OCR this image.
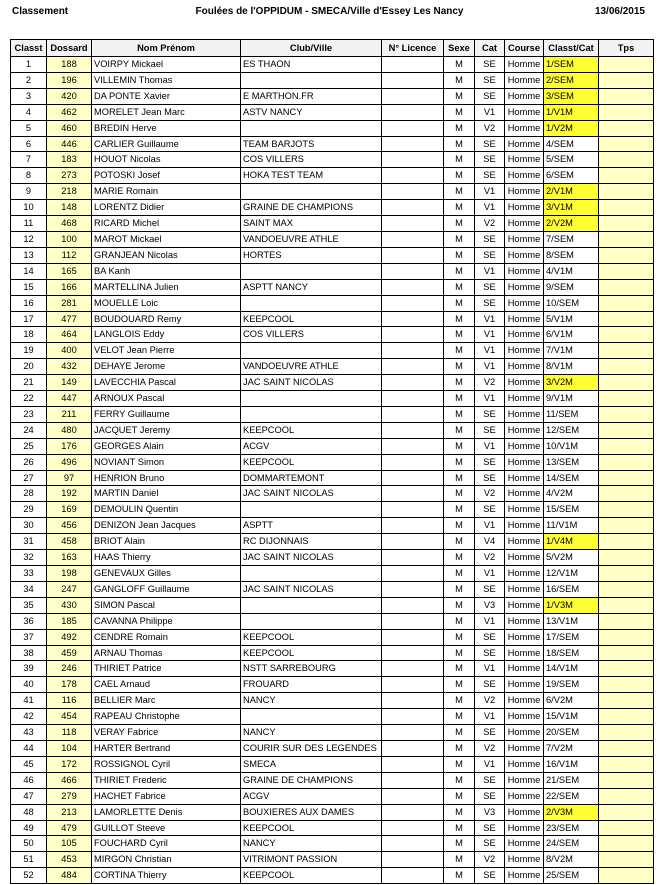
Classement	Foulées de l'OPPIDUM - SMECA/Ville d'Essey Les Nancy	13/06/2015
Classt	Dossard	Nom Prénom	Club/Ville	N° Licence	Sexe	Cat	Course	Classt/Cat	Tps
1	188	VOIRPY Mickael	ES THAON		M	SE	Homme	1/SEM	
2	196	VILLEMIN Thomas			M	SE	Homme	2/SEM	
3	420	DA PONTE Xavier	E MARTHON.FR		M	SE	Homme	3/SEM	
4	462	MORELET Jean Marc	ASTV NANCY		M	V1	Homme	1/V1M	
5	460	BREDIN Herve			M	V2	Homme	1/V2M	
6	446	CARLIER Guillaume	TEAM BARJOTS		M	SE	Homme	4/SEM	
7	183	HOUOT Nicolas	COS VILLERS		M	SE	Homme	5/SEM	
8	273	POTOSKI Josef	HOKA TEST TEAM		M	SE	Homme	6/SEM	
9	218	MARIE Romain			M	V1	Homme	2/V1M	
10	148	LORENTZ Didier	GRAINE DE CHAMPIONS		M	V1	Homme	3/V1M	
11	468	RICARD Michel	SAINT MAX		M	V2	Homme	2/V2M	
12	100	MAROT Mickael	VANDOEUVRE ATHLE		M	SE	Homme	7/SEM	
13	112	GRANJEAN Nicolas	HORTES		M	SE	Homme	8/SEM	
14	165	BA Kanh			M	V1	Homme	4/V1M	
15	166	MARTELLINA Julien	ASPTT NANCY		M	SE	Homme	9/SEM	
16	281	MOUELLE Loic			M	SE	Homme	10/SEM	
17	477	BOUDOUARD Remy	KEEPCOOL		M	V1	Homme	5/V1M	
18	464	LANGLOIS Eddy	COS VILLERS		M	V1	Homme	6/V1M	
19	400	VELOT Jean Pierre			M	V1	Homme	7/V1M	
20	432	DEHAYE Jerome	VANDOEUVRE ATHLE		M	V1	Homme	8/V1M	
21	149	LAVECCHIA Pascal	JAC SAINT NICOLAS		M	V2	Homme	3/V2M	
22	447	ARNOUX Pascal			M	V1	Homme	9/V1M	
23	211	FERRY Guillaume			M	SE	Homme	11/SEM	
24	480	JACQUET Jeremy	KEEPCOOL		M	SE	Homme	12/SEM	
25	176	GEORGES Alain	ACGV		M	V1	Homme	10/V1M	
26	496	NOVIANT Simon	KEEPCOOL		M	SE	Homme	13/SEM	
27	97	HENRION Bruno	DOMMARTEMONT		M	SE	Homme	14/SEM	
28	192	MARTIN Daniel	JAC SAINT NICOLAS		M	V2	Homme	4/V2M	
29	169	DEMOULIN Quentin			M	SE	Homme	15/SEM	
30	456	DENIZON Jean Jacques	ASPTT		M	V1	Homme	11/V1M	
31	458	BRIOT Alain	RC DIJONNAIS		M	V4	Homme	1/V4M	
32	163	HAAS Thierry	JAC SAINT NICOLAS		M	V2	Homme	5/V2M	
33	198	GENEVAUX Gilles			M	V1	Homme	12/V1M	
34	247	GANGLOFF Guillaume	JAC SAINT NICOLAS		M	SE	Homme	16/SEM	
35	430	SIMON Pascal			M	V3	Homme	1/V3M	
36	185	CAVANNA Philippe			M	V1	Homme	13/V1M	
37	492	CENDRE Romain	KEEPCOOL		M	SE	Homme	17/SEM	
38	459	ARNAU Thomas	KEEPCOOL		M	SE	Homme	18/SEM	
39	246	THIRIET Patrice	NSTT SARREBOURG		M	V1	Homme	14/V1M	
40	178	CAEL Arnaud	FROUARD		M	SE	Homme	19/SEM	
41	116	BELLIER Marc	NANCY		M	V2	Homme	6/V2M	
42	454	RAPEAU Christophe			M	V1	Homme	15/V1M	
43	118	VERAY Fabrice	NANCY		M	SE	Homme	20/SEM	
44	104	HARTER Bertrand	COURIR SUR DES LEGENDES		M	V2	Homme	7/V2M	
45	172	ROSSIGNOL Cyril	SMECA		M	V1	Homme	16/V1M	
46	466	THIRIET Frederic	GRAINE DE CHAMPIONS		M	SE	Homme	21/SEM	
47	279	HACHET Fabrice	ACGV		M	SE	Homme	22/SEM	
48	213	LAMORLETTE Denis	BOUXIERES AUX DAMES		M	V3	Homme	2/V3M	
49	479	GUILLOT Steeve	KEEPCOOL		M	SE	Homme	23/SEM	
50	105	FOUCHARD Cyril	NANCY		M	SE	Homme	24/SEM	
51	453	MIRGON Christian	VITRIMONT PASSION		M	V2	Homme	8/V2M	
52	484	CORTINA Thierry	KEEPCOOL		M	SE	Homme	25/SEM	
